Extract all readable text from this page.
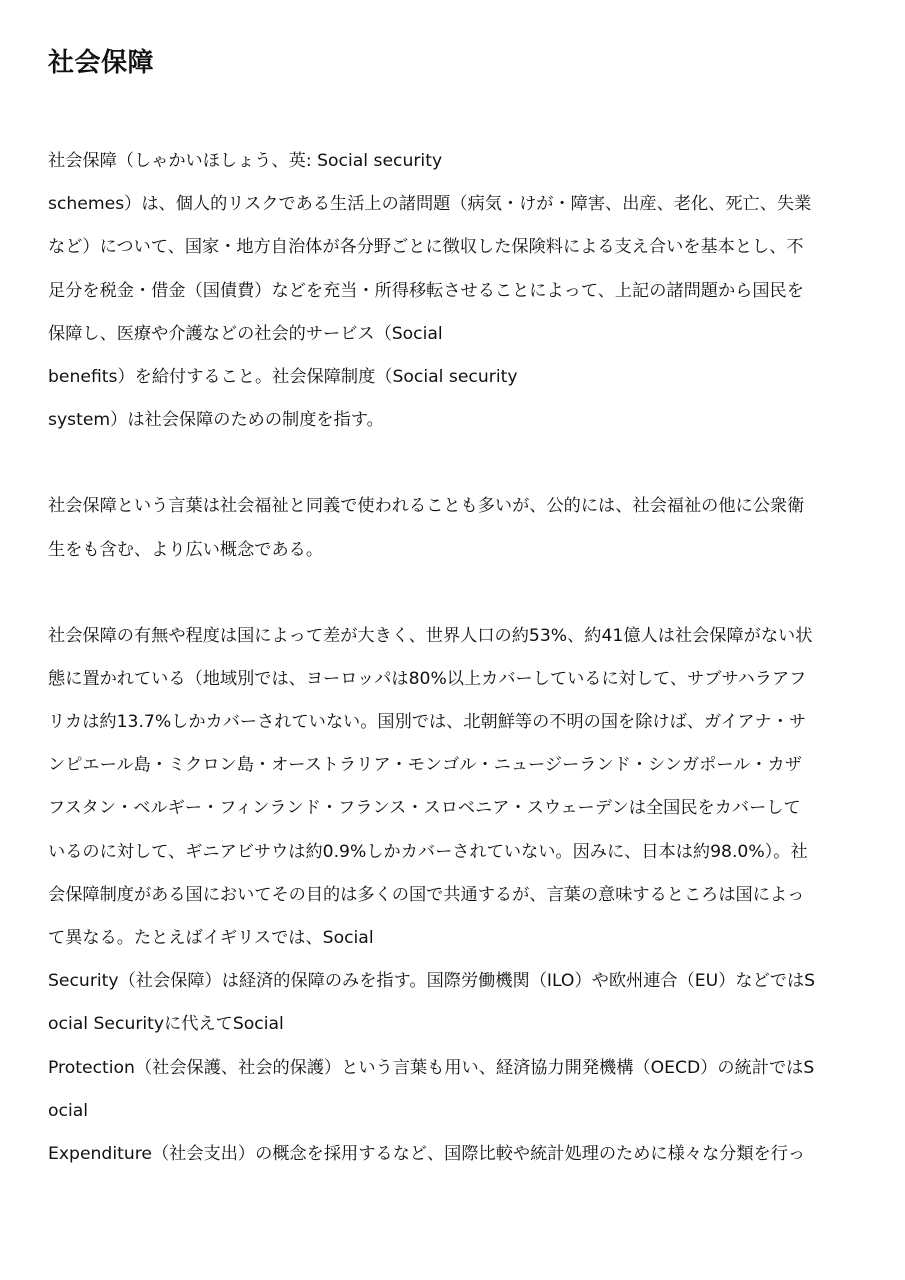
社会保障
社会保障（しゃかいほしょう、英: Social security
schemes）は、個人的リスクである生活上の諸問題（病気・けが・障害、出産、老化、死亡、失業
など）について、国家・地方自治体が各分野ごとに徴収した保険料による支え合いを基本とし、不
足分を税金・借金（国債費）などを充当・所得移転させることによって、上記の諸問題から国民を
保障し、医療や介護などの社会的サービス（Social
benefits）を給付すること。社会保障制度（Social security
system）は社会保障のための制度を指す。
社会保障という言葉は社会福祉と同義で使われることも多いが、公的には、社会福祉の他に公衆衛
生をも含む、より広い概念である。
社会保障の有無や程度は国によって差が大きく、世界人口の約53%、約41億人は社会保障がない状
態に置かれている（地域別では、ヨーロッパは80%以上カバーしているに対して、サブサハラアフ
リカは約13.7%しかカバーされていない。国別では、北朝鮮等の不明の国を除けば、ガイアナ・サ
ンピエール島・ミクロン島・オーストラリア・モンゴル・ニュージーランド・シンガポール・カザ
フスタン・ベルギー・フィンランド・フランス・スロベニア・スウェーデンは全国民をカバーして
いるのに対して、ギニアビサウは約0.9%しかカバーされていない。因みに、日本は約98.0%）。社
会保障制度がある国においてその目的は多くの国で共通するが、言葉の意味するところは国によっ
て異なる。たとえばイギリスでは、Social
Security（社会保障）は経済的保障のみを指す。国際労働機関（ILO）や欧州連合（EU）などではS
ocial Securityに代えてSocial
Protection（社会保護、社会的保護）という言葉も用い、経済協力開発機構（OECD）の統計ではS
ocial
Expenditure（社会支出）の概念を採用するなど、国際比較や統計処理のために様々な分類を行っ
